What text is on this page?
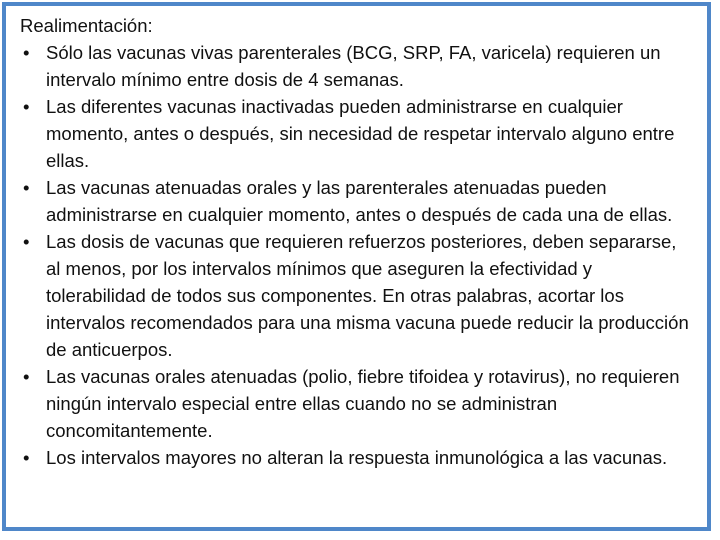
Realimentación:
• Sólo las vacunas vivas parenterales (BCG, SRP, FA, varicela) requieren un intervalo mínimo entre dosis de 4 semanas.
• Las diferentes vacunas inactivadas pueden administrarse en cualquier momento, antes o después, sin necesidad de respetar intervalo alguno entre ellas.
• Las vacunas atenuadas orales y las parenterales atenuadas pueden administrarse en cualquier momento, antes o después de cada una de ellas.
• Las dosis de vacunas que requieren refuerzos posteriores, deben separarse, al menos, por los intervalos mínimos que aseguren la efectividad y tolerabilidad de todos sus componentes. En otras palabras, acortar los intervalos recomendados para una misma vacuna puede reducir la producción de anticuerpos.
• Las vacunas orales atenuadas (polio, fiebre tifoidea y rotavirus), no requieren ningún intervalo especial entre ellas cuando no se administran concomitantemente.
• Los intervalos mayores no alteran la respuesta inmunológica a las vacunas.
